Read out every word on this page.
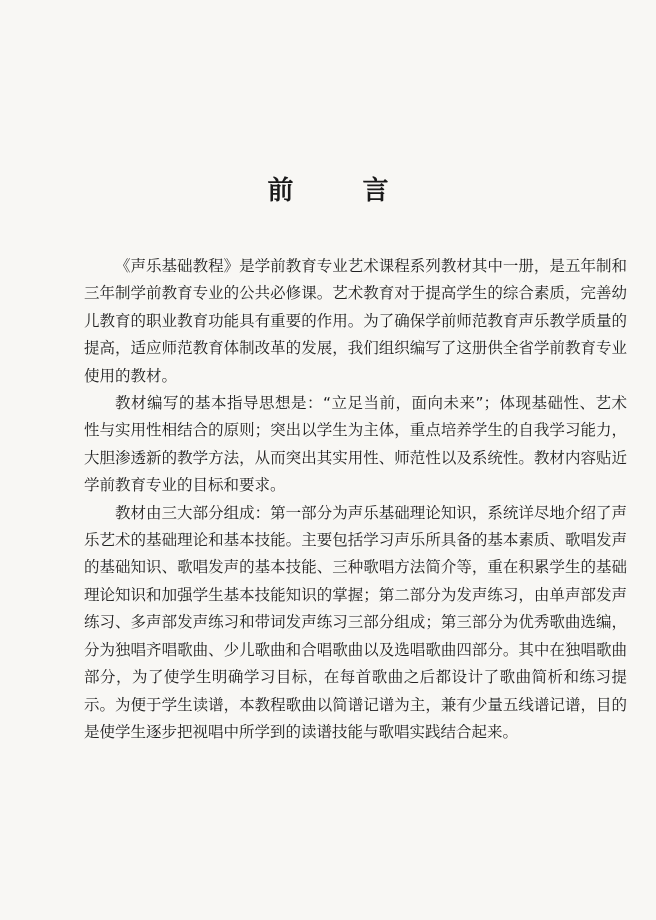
前 言

《声乐基础教程》是学前教育专业艺术课程系列教材其中一册，是五年制和三年制学前教育专业的公共必修课。艺术教育对于提高学生的综合素质，完善幼儿教育的职业教育功能具有重要的作用。为了确保学前师范教育声乐教学质量的提高，适应师范教育体制改革的发展，我们组织编写了这册供全省学前教育专业使用的教材。

教材编写的基本指导思想是：“立足当前，面向未来”；体现基础性、艺术性与实用性相结合的原则；突出以学生为主体，重点培养学生的自我学习能力，大胆渗透新的教学方法，从而突出其实用性、师范性以及系统性。教材内容贴近学前教育专业的目标和要求。

教材由三大部分组成：第一部分为声乐基础理论知识，系统详尽地介绍了声乐艺术的基础理论和基本技能。主要包括学习声乐所具备的基本素质、歌唱发声的基础知识、歌唱发声的基本技能、三种歌唱方法简介等，重在积累学生的基础理论知识和加强学生基本技能知识的掌握；第二部分为发声练习，由单声部发声练习、多声部发声练习和带词发声练习三部分组成；第三部分为优秀歌曲选编，分为独唱齐唱歌曲、少儿歌曲和合唱歌曲以及选唱歌曲四部分。其中在独唱歌曲部分，为了使学生明确学习目标，在每首歌曲之后都设计了歌曲简析和练习提示。为便于学生读谱，本教程歌曲以简谱记谱为主，兼有少量五线谱记谱，目的是使学生逐步把视唱中所学到的读谱技能与歌唱实践结合起来。
